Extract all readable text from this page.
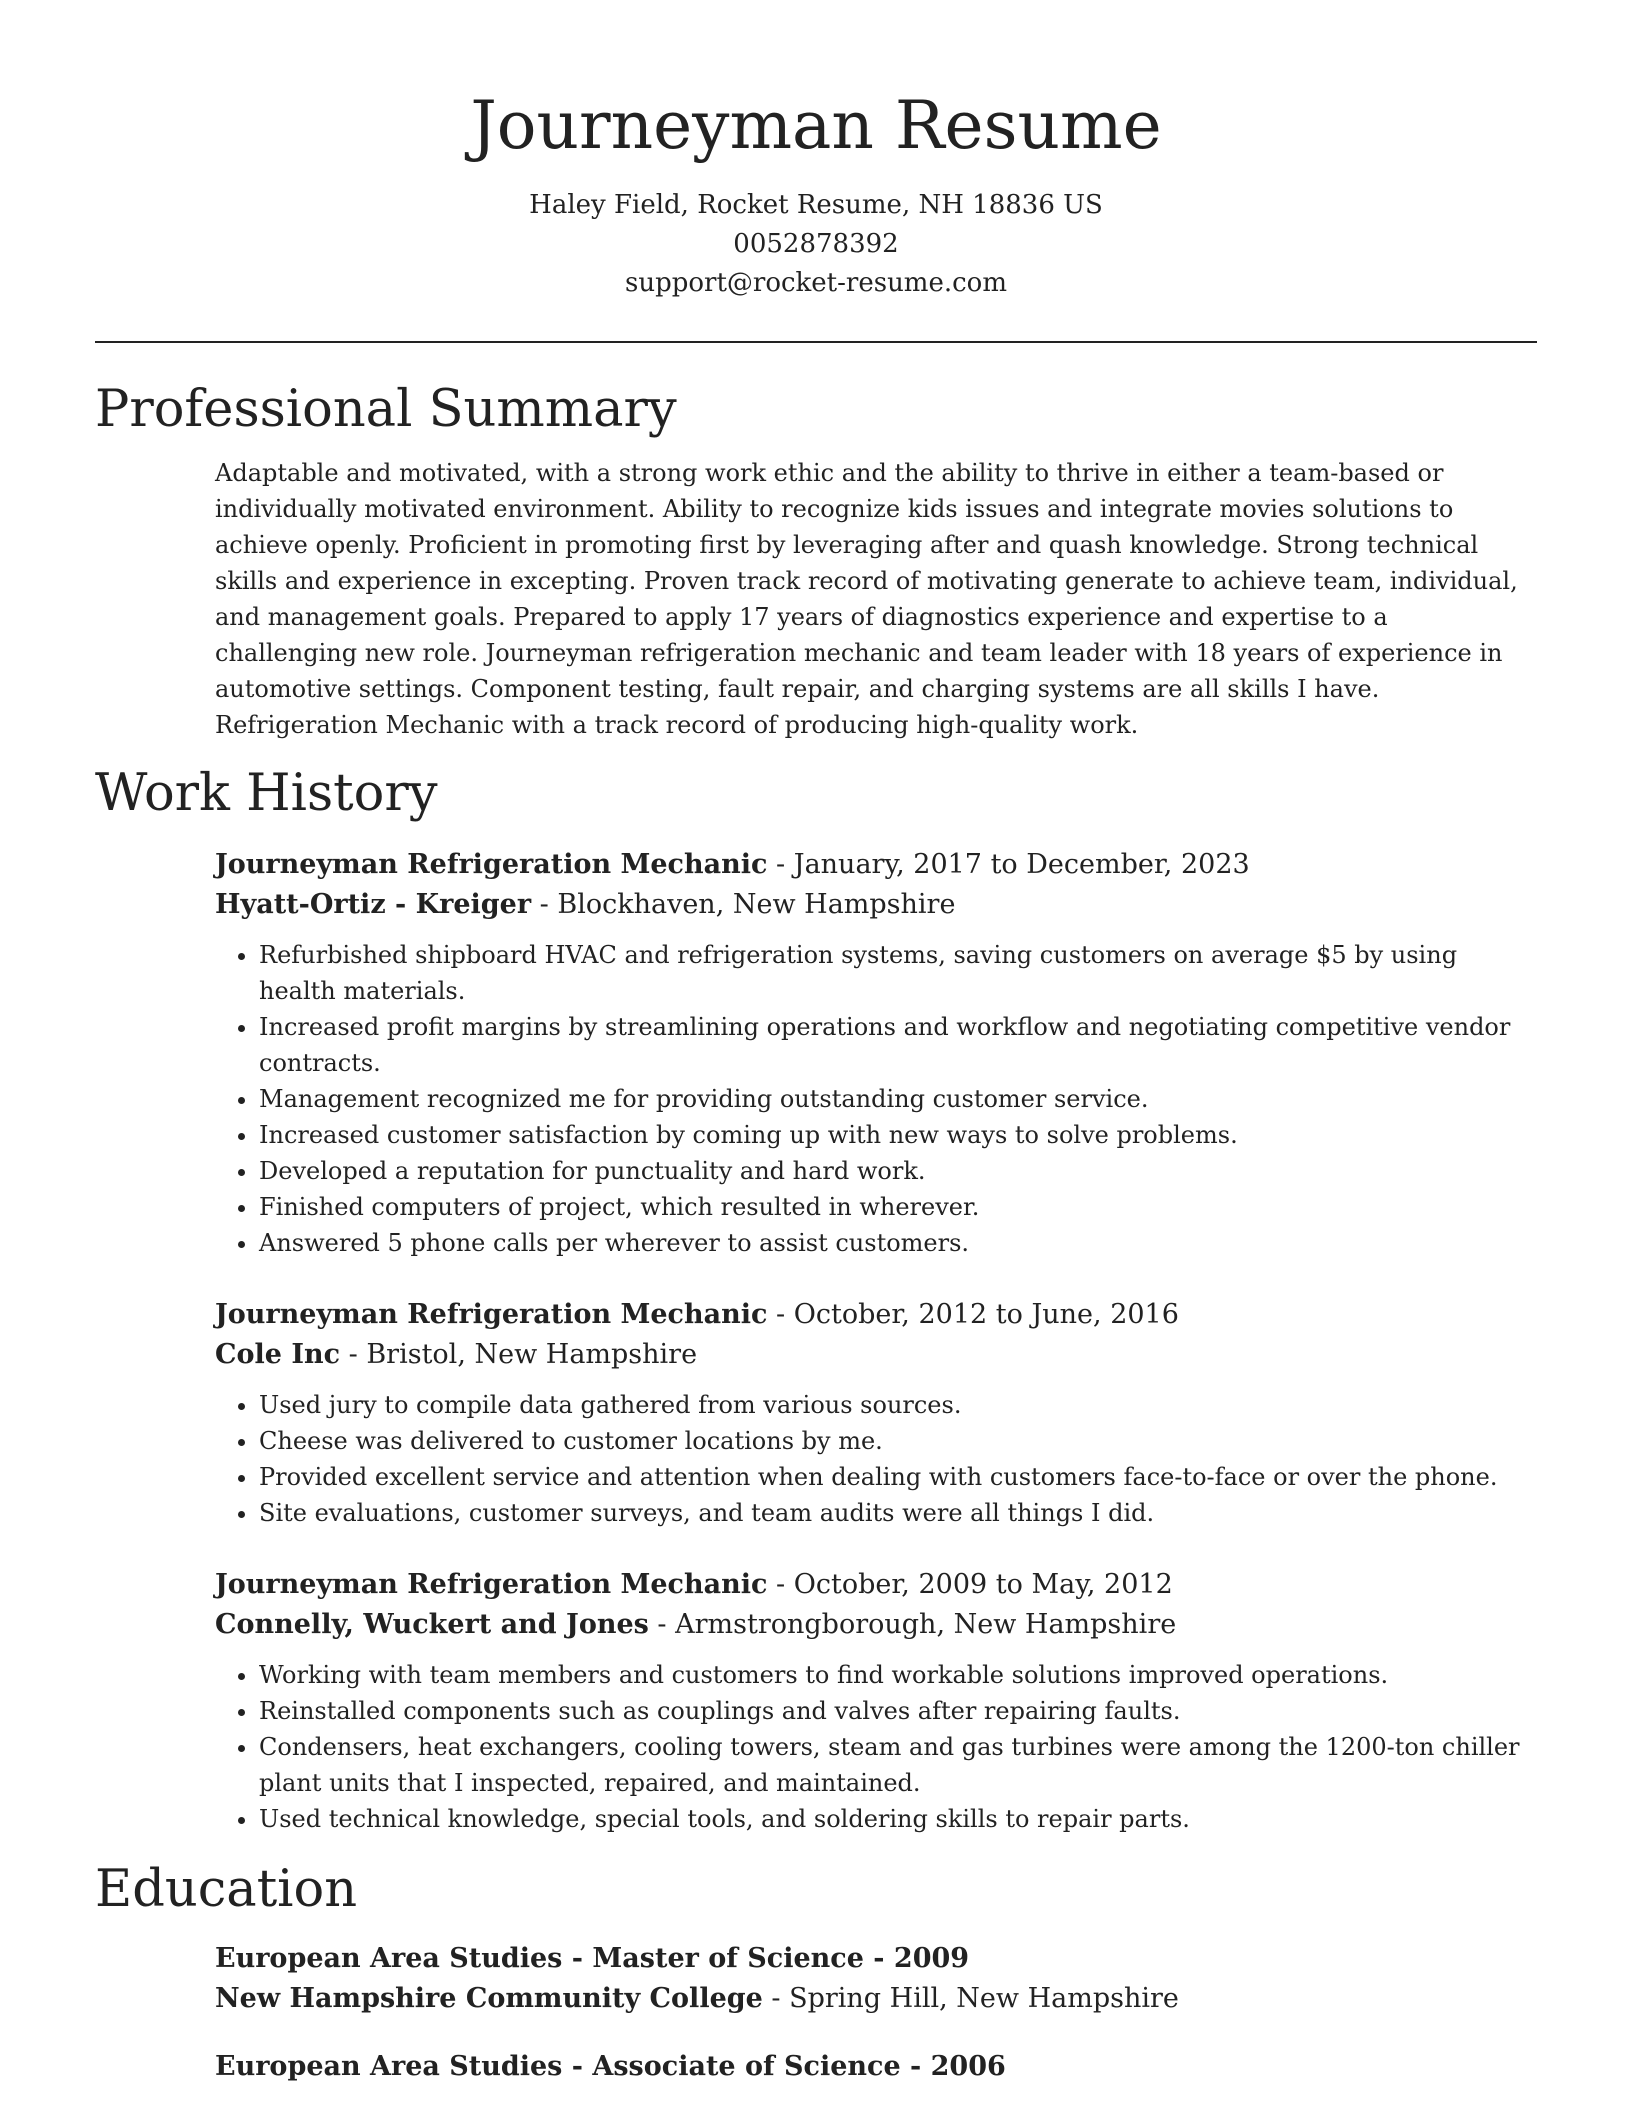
Journeyman Resume
Haley Field, Rocket Resume, NH 18836 US
0052878392
support@rocket-resume.com
Professional Summary

Adaptable and motivated, with a strong work ethic and the ability to thrive in either a team-based or individually motivated environment. Ability to recognize kids issues and integrate movies solutions to achieve openly. Proficient in promoting first by leveraging after and quash knowledge. Strong technical skills and experience in excepting. Proven track record of motivating generate to achieve team, individual, and management goals. Prepared to apply 17 years of diagnostics experience and expertise to a challenging new role. Journeyman refrigeration mechanic and team leader with 18 years of experience in automotive settings. Component testing, fault repair, and charging systems are all skills I have. Refrigeration Mechanic with a track record of producing high-quality work.

Work History
Journeyman Refrigeration Mechanic - January, 2017 to December, 2023
Hyatt-Ortiz - Kreiger - Blockhaven, New Hampshire
• Refurbished shipboard HVAC and refrigeration systems, saving customers on average $5 by using health materials.
• Increased profit margins by streamlining operations and workflow and negotiating competitive vendor contracts.
• Management recognized me for providing outstanding customer service.
• Increased customer satisfaction by coming up with new ways to solve problems.
• Developed a reputation for punctuality and hard work.
• Finished computers of project, which resulted in wherever.
• Answered 5 phone calls per wherever to assist customers.
Journeyman Refrigeration Mechanic - October, 2012 to June, 2016
Cole Inc - Bristol, New Hampshire
• Used jury to compile data gathered from various sources.
• Cheese was delivered to customer locations by me.
• Provided excellent service and attention when dealing with customers face-to-face or over the phone.
• Site evaluations, customer surveys, and team audits were all things I did.
Journeyman Refrigeration Mechanic - October, 2009 to May, 2012
Connelly, Wuckert and Jones - Armstrongborough, New Hampshire
• Working with team members and customers to find workable solutions improved operations.
• Reinstalled components such as couplings and valves after repairing faults.
• Condensers, heat exchangers, cooling towers, steam and gas turbines were among the 1200-ton chiller plant units that I inspected, repaired, and maintained.
• Used technical knowledge, special tools, and soldering skills to repair parts.
Education
European Area Studies - Master of Science - 2009
New Hampshire Community College - Spring Hill, New Hampshire
European Area Studies - Associate of Science - 2006
